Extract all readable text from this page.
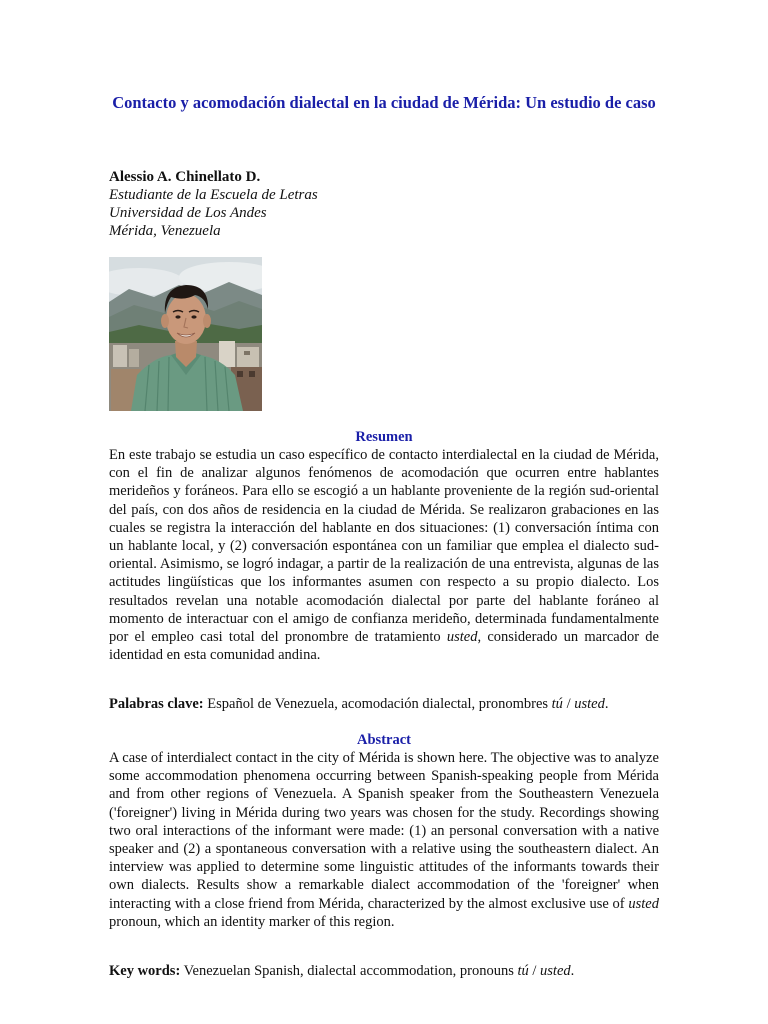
Contacto y acomodación dialectal en la ciudad de Mérida: Un estudio de caso
Alessio A. Chinellato D.
Estudiante de la Escuela de Letras
Universidad de Los Andes
Mérida, Venezuela
Resumen

En este trabajo se estudia un caso específico de contacto interdialectal en la ciudad de Mérida, con el fin de analizar algunos fenómenos de acomodación que ocurren entre hablantes merideños y foráneos. Para ello se escogió a un hablante proveniente de la región sud-oriental del país, con dos años de residencia en la ciudad de Mérida. Se realizaron grabaciones en las cuales se registra la interacción del hablante en dos situaciones: (1) conversación íntima con un hablante local, y (2) conversación espontánea con un familiar que emplea el dialecto sud-oriental. Asimismo, se logró indagar, a partir de la realización de una entrevista, algunas de las actitudes lingüísticas que los informantes asumen con respecto a su propio dialecto. Los resultados revelan una notable acomodación dialectal por parte del hablante foráneo al momento de interactuar con el amigo de confianza merideño, determinada fundamentalmente por el empleo casi total del pronombre de tratamiento usted, considerado un marcador de identidad en esta comunidad andina.

Palabras clave: Español de Venezuela, acomodación dialectal, pronombres tú / usted.

Abstract

A case of interdialect contact in the city of Mérida is shown here. The objective was to analyze some accommodation phenomena occurring between Spanish-speaking people from Mérida and from other regions of Venezuela. A Spanish speaker from the Southeastern Venezuela ('foreigner') living in Mérida during two years was chosen for the study. Recordings showing two oral interactions of the informant were made: (1) an personal conversation with a native speaker and (2) a spontaneous conversation with a relative using the southeastern dialect. An interview was applied to determine some linguistic attitudes of the informants towards their own dialects. Results show a remarkable dialect accommodation of the 'foreigner' when interacting with a close friend from Mérida, characterized by the almost exclusive use of usted pronoun, which an identity marker of this region.

Key words: Venezuelan Spanish, dialectal accommodation, pronouns tú / usted.
